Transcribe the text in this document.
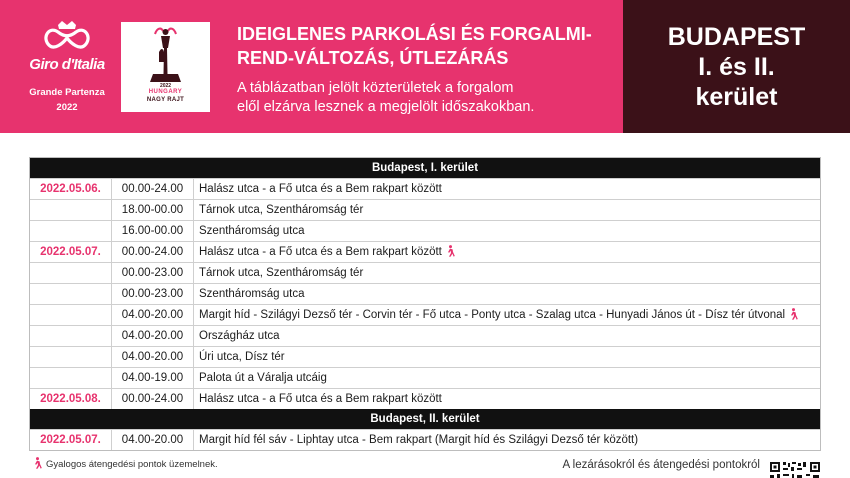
Giro d'Italia
Grande Partenza
2022
2022
HUNGARY
NAGY RAJT
IDEIGLENES PARKOLÁSI ÉS FORGALMI-
REND-VÁLTOZÁS, ÚTLEZÁRÁS
A táblázatban jelölt közterületek a forgalom
elől elzárva lesznek a megjelölt időszakokban.
BUDAPEST
I. és II.
kerület
Budapest, I. kerület
2022.05.06.	00.00-24.00	Halász utca - a Fő utca és a Bem rakpart között
18.00-00.00	Tárnok utca, Szentháromság tér
16.00-00.00	Szentháromság utca
2022.05.07.	00.00-24.00	Halász utca - a Fő utca és a Bem rakpart között
00.00-23.00	Tárnok utca, Szentháromság tér
00.00-23.00	Szentháromság utca
04.00-20.00	Margit híd - Szilágyi Dezső tér - Corvin tér - Fő utca - Ponty utca - Szalag utca - Hunyadi János út - Dísz tér útvonal
04.00-20.00	Országház utca
04.00-20.00	Úri utca, Dísz tér
04.00-19.00	Palota út a Váralja utcáig
2022.05.08.	00.00-24.00	Halász utca - a Fő utca és a Bem rakpart között
Budapest, II. kerület
2022.05.07.	04.00-20.00	Margit híd fél sáv - Liphtay utca - Bem rakpart (Margit híd és Szilágyi Dezső tér között)
Gyalogos átengedési pontok üzemelnek.	A lezárásokról és átengedési pontokról
